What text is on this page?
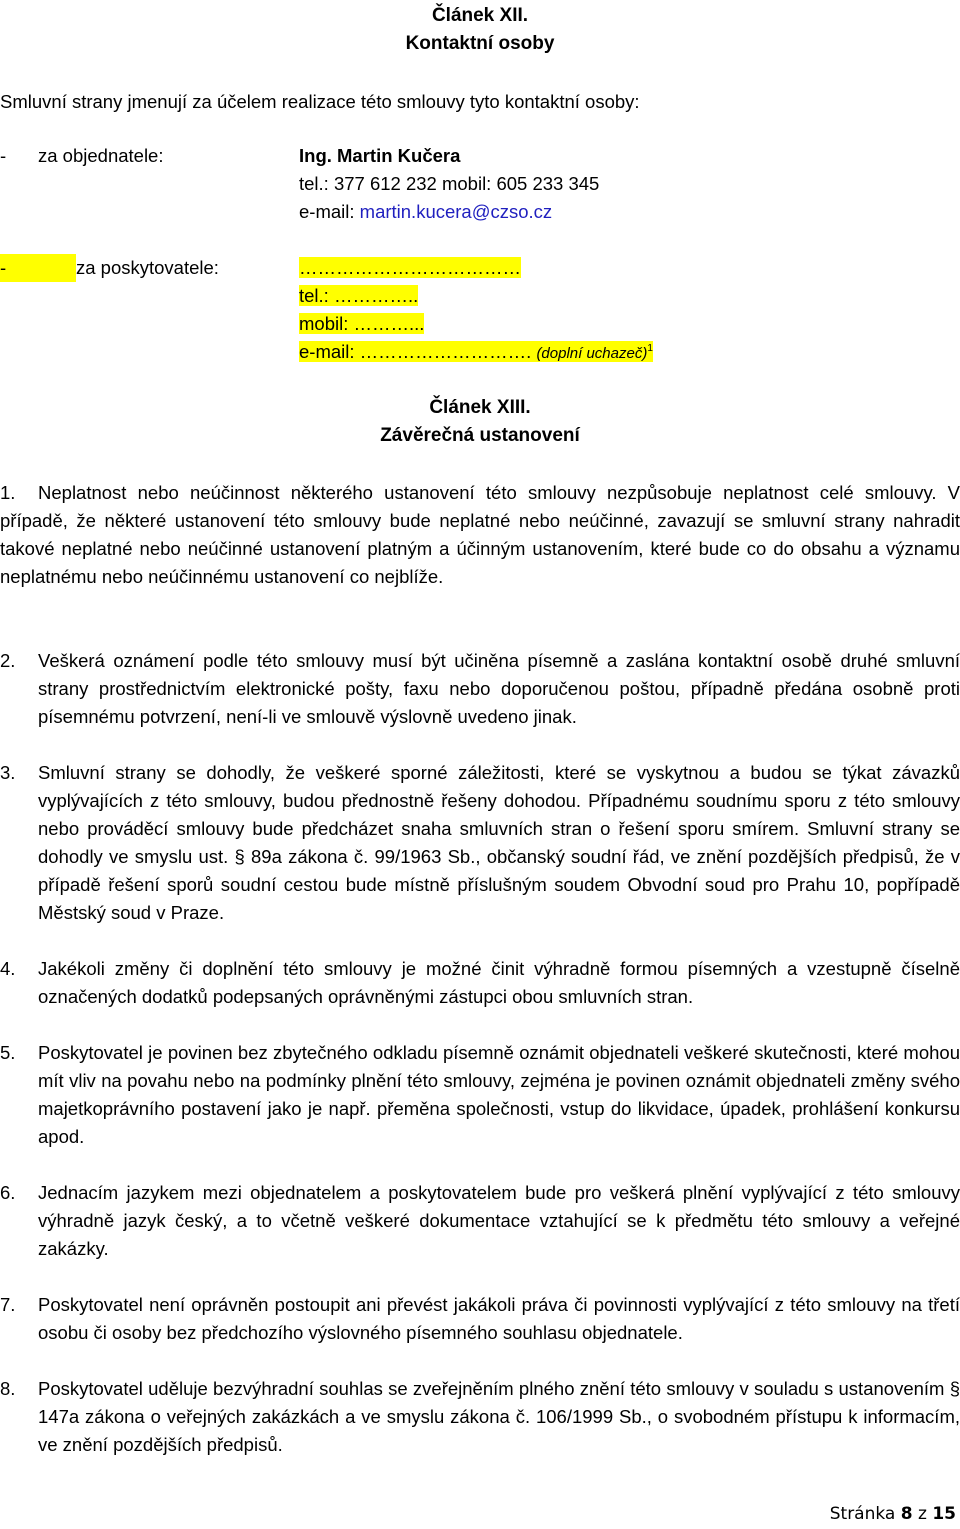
Článek XII.
Kontaktní osoby
Smluvní strany jmenují za účelem realizace této smlouvy tyto kontaktní osoby:
- za objednatele:	Ing. Martin Kučera
tel.: 377 612 232 mobil: 605 233 345
e-mail: martin.kucera@czso.cz
-	za poskytovatele:	………………………………
tel.: …………..
mobil: ………...
e-mail: ………………………. (doplní uchazeč)$^1$
Článek XIII.
Závěrečná ustanovení
Neplatnost nebo neúčinnost některého ustanovení této smlouvy nezpůsobuje neplatnost celé smlouvy. V případě, že některé ustanovení této smlouvy bude neplatné nebo neúčinné, zavazují se smluvní strany nahradit takové neplatné nebo neúčinné ustanovení platným a účinným ustanovením, které bude co do obsahu a významu neplatnému nebo neúčinnému ustanovení co nejblíže.
1.
2. Veškerá oznámení podle této smlouvy musí být učiněna písemně a zaslána kontaktní osobě druhé smluvní strany prostřednictvím elektronické pošty, faxu nebo doporučenou poštou, případně předána osobně proti písemnému potvrzení, není-li ve smlouvě výslovně uvedeno jinak.
3. Smluvní strany se dohodly, že veškeré sporné záležitosti, které se vyskytnou a budou se týkat závazků vyplývajících z této smlouvy, budou přednostně řešeny dohodou. Případnému soudnímu sporu z této smlouvy nebo prováděcí smlouvy bude předcházet snaha smluvních stran o řešení sporu smírem. Smluvní strany se dohodly ve smyslu ust. § 89a zákona č. 99/1963 Sb., občanský soudní řád, ve znění pozdějších předpisů, že v případě řešení sporů soudní cestou bude místně příslušným soudem Obvodní soud pro Prahu 10, popřípadě Městský soud v Praze.
4. Jakékoli změny či doplnění této smlouvy je možné činit výhradně formou písemných a vzestupně číselně označených dodatků podepsaných oprávněnými zástupci obou smluvních stran.
5. Poskytovatel je povinen bez zbytečného odkladu písemně oznámit objednateli veškeré skutečnosti, které mohou mít vliv na povahu nebo na podmínky plnění této smlouvy, zejména je povinen oznámit objednateli změny svého majetkoprávního postavení jako je např. přeměna společnosti, vstup do likvidace, úpadek, prohlášení konkursu apod.
6. Jednacím jazykem mezi objednatelem a poskytovatelem bude pro veškerá plnění vyplývající z této smlouvy výhradně jazyk český, a to včetně veškeré dokumentace vztahující se k předmětu této smlouvy a veřejné zakázky.
7. Poskytovatel není oprávněn postoupit ani převést jakákoli práva či povinnosti vyplývající z této smlouvy na třetí osobu či osoby bez předchozího výslovného písemného souhlasu objednatele.
8. Poskytovatel uděluje bezvýhradní souhlas se zveřejněním plného znění této smlouvy v souladu s ustanovením § 147a zákona o veřejných zakázkách a ve smyslu zákona č. 106/1999 Sb., o svobodném přístupu k informacím, ve znění pozdějších předpisů.
Stránka 8 z 15
